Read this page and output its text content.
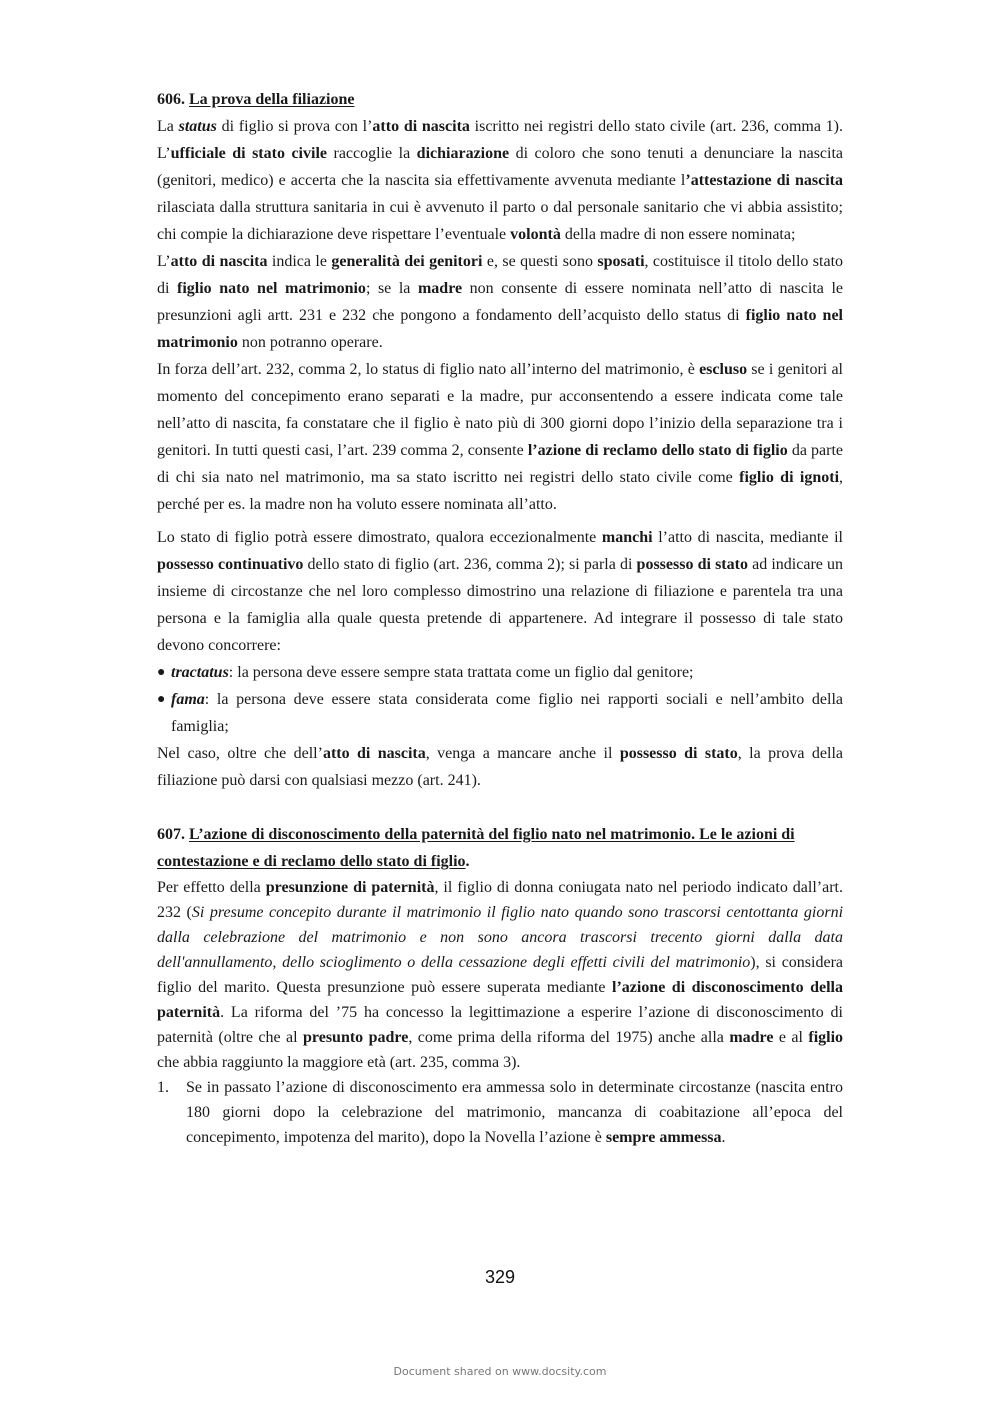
606. La prova della filiazione

La status di figlio si prova con l’atto di nascita iscritto nei registri dello stato civile (art. 236, comma 1). L’ufficiale di stato civile raccoglie la dichiarazione di coloro che sono tenuti a denunciare la nascita (genitori, medico) e accerta che la nascita sia effettivamente avvenuta mediante l’attestazione di nascita rilasciata dalla struttura sanitaria in cui è avvenuto il parto o dal personale sanitario che vi abbia assistito; chi compie la dichiarazione deve rispettare l’eventuale volontà della madre di non essere nominata;

L’atto di nascita indica le generalità dei genitori e, se questi sono sposati, costituisce il titolo dello stato di figlio nato nel matrimonio; se la madre non consente di essere nominata nell’atto di nascita le presunzioni agli artt. 231 e 232 che pongono a fondamento dell’acquisto dello status di figlio nato nel matrimonio non potranno operare.

In forza dell’art. 232, comma 2, lo status di figlio nato all’interno del matrimonio, è escluso se i genitori al momento del concepimento erano separati e la madre, pur acconsentendo a essere indicata come tale nell’atto di nascita, fa constatare che il figlio è nato più di 300 giorni dopo l’inizio della separazione tra i genitori. In tutti questi casi, l’art. 239 comma 2, consente l’azione di reclamo dello stato di figlio da parte di chi sia nato nel matrimonio, ma sa stato iscritto nei registri dello stato civile come figlio di ignoti, perché per es. la madre non ha voluto essere nominata all’atto.

Lo stato di figlio potrà essere dimostrato, qualora eccezionalmente manchi l’atto di nascita, mediante il possesso continuativo dello stato di figlio (art. 236, comma 2); si parla di possesso di stato ad indicare un insieme di circostanze che nel loro complesso dimostrino una relazione di filiazione e parentela tra una persona e la famiglia alla quale questa pretende di appartenere. Ad integrare il possesso di tale stato devono concorrere:

● tractatus: la persona deve essere sempre stata trattata come un figlio dal genitore;
● fama: la persona deve essere stata considerata come figlio nei rapporti sociali e nell’ambito della famiglia;

Nel caso, oltre che dell’atto di nascita, venga a mancare anche il possesso di stato, la prova della filiazione può darsi con qualsiasi mezzo (art. 241).

607. L’azione di disconoscimento della paternità del figlio nato nel matrimonio. Le le azioni di contestazione e di reclamo dello stato di figlio.

Per effetto della presunzione di paternità, il figlio di donna coniugata nato nel periodo indicato dall’art. 232 (Si presume concepito durante il matrimonio il figlio nato quando sono trascorsi centottanta giorni dalla celebrazione del matrimonio e non sono ancora trascorsi trecento giorni dalla data dell'annullamento, dello scioglimento o della cessazione degli effetti civili del matrimonio), si considera figlio del marito. Questa presunzione può essere superata mediante l’azione di disconoscimento della paternità. La riforma del ’75 ha concesso la legittimazione a esperire l’azione di disconoscimento di paternità (oltre che al presunto padre, come prima della riforma del 1975) anche alla madre e al figlio che abbia raggiunto la maggiore età (art. 235, comma 3).

1. Se in passato l’azione di disconoscimento era ammessa solo in determinate circostanze (nascita entro 180 giorni dopo la celebrazione del matrimonio, mancanza di coabitazione all’epoca del concepimento, impotenza del marito), dopo la Novella l’azione è sempre ammessa.
329
Document shared on www.docsity.com
